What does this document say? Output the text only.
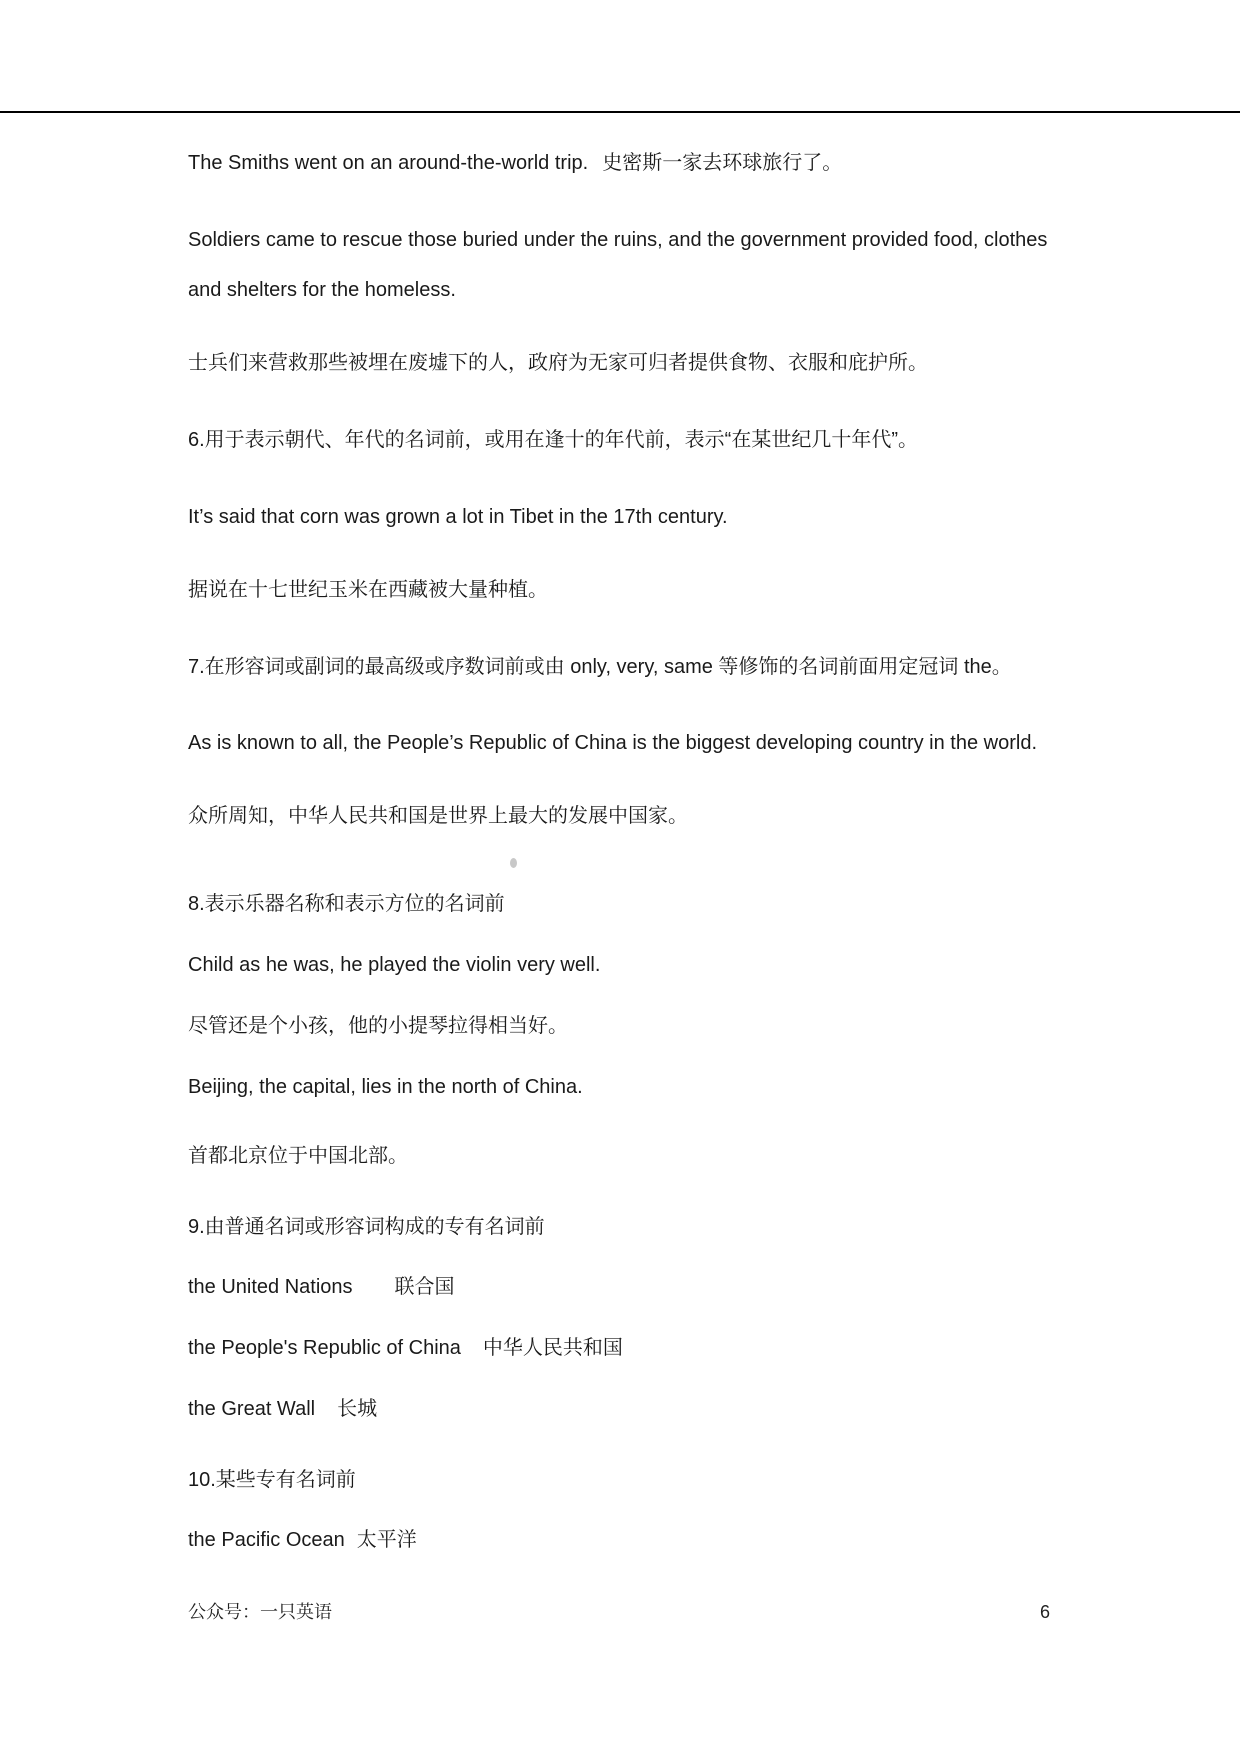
The Smiths went on an around-the-world trip. 史密斯一家去环球旅行了。
Soldiers came to rescue those buried under the ruins, and the government provided food, clothes
and shelters for the homeless.
士兵们来营救那些被埋在废墟下的人，政府为无家可归者提供食物、衣服和庇护所。
6.用于表示朝代、年代的名词前，或用在逢十的年代前，表示“在某世纪几十年代”。
It’s said that corn was grown a lot in Tibet in the 17th century.
据说在十七世纪玉米在西藏被大量种植。
7.在形容词或副词的最高级或序数词前或由 only, very, same 等修饰的名词前面用定冠词 the。
As is known to all, the People’s Republic of China is the biggest developing country in the world.
众所周知，中华人民共和国是世界上最大的发展中国家。
8.表示乐器名称和表示方位的名词前
Child as he was, he played the violin very well.
尽管还是个小孩，他的小提琴拉得相当好。
Beijing, the capital, lies in the north of China.
首都北京位于中国北部。
9.由普通名词或形容词构成的专有名词前
the United Nations 联合国
the People's Republic of China 中华人民共和国
the Great Wall 长城
10.某些专有名词前
the Pacific Ocean 太平洋
公众号：一只英语	6
